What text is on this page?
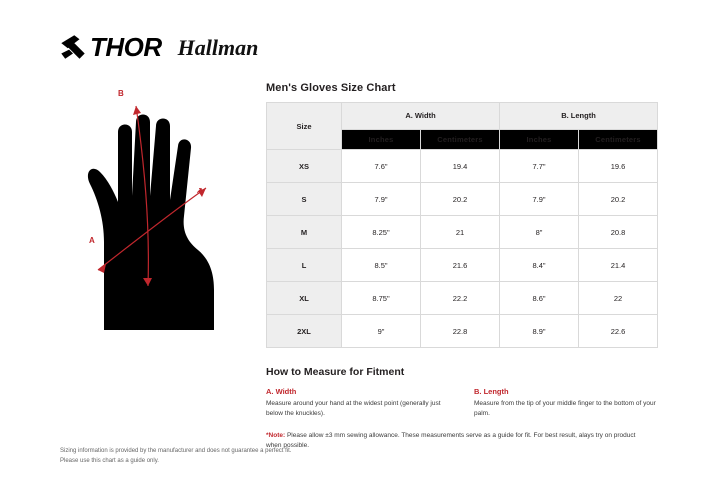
THOR Hallman
B
A
↗
Men's Gloves Size Chart
Size	A. Width		B. Length	
	Inches	Centimeters	Inches	Centimeters
XS	7.6"	19.4	7.7"	19.6
S	7.9"	20.2	7.9"	20.2
M	8.25"	21	8"	20.8
L	8.5"	21.6	8.4"	21.4
XL	8.75"	22.2	8.6"	22
2XL	9"	22.8	8.9"	22.6
How to Measure for Fitment
A. Width
Measure around your hand at the widest point (generally just below the knuckles).
B. Length
Measure from the tip of your middle finger to the bottom of your palm.
*Note: Please allow ±3 mm sewing allowance. These measurements serve as a guide for fit. For best result, alays try on product when possible.
Sizing information is provided by the manufacturer and does not guarantee a perfect fit.
Please use this chart as a guide only.
